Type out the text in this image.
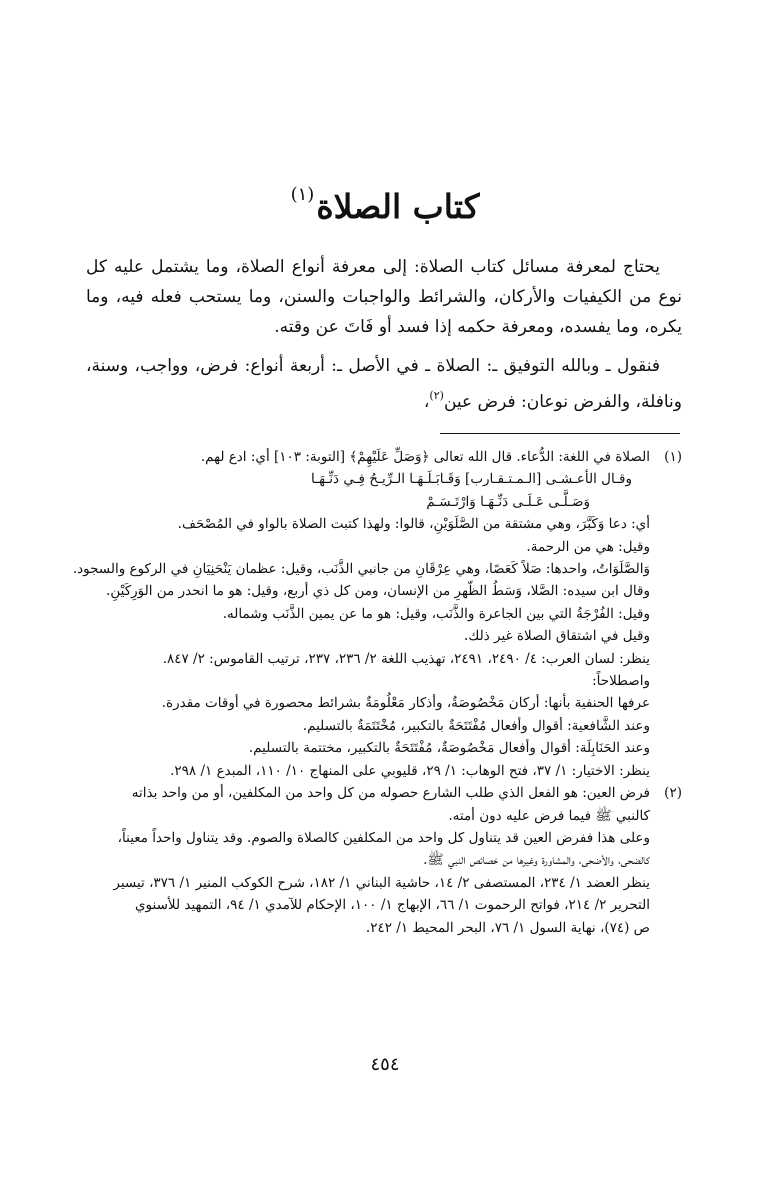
كتاب الصلاة$^{(١)}$

يحتاج لمعرفة مسائل كتاب الصلاة: إلى معرفة أنواع الصلاة، وما يشتمل عليه كل نوع من الكيفيات والأركان، والشرائط والواجبات والسنن، وما يستحب فعله فيه، وما يكره، وما يفسده، ومعرفة حكمه إذا فسد أو فَاتَ عن وقته.

فنقول ـ وبالله التوفيق ـ: الصلاة ـ في الأصل ـ: أربعة أنواع: فرض، وواجب، وسنة، ونافلة، والفرض نوعان: فرض عين$^{(٢)}$،

(١)

الصلاة في اللغة: الدُّعاء. قال الله تعالى ﴿وَصَلِّ عَلَيْهِمْ﴾ [التوبة: ١٠٣] أي: ادع لهم.

وقـال الأعـشـى [الـمـتـقـارب] وَقَـابَـلَـهَـا الـرِّيـحُ فِـي دَنِّـهَـا

وَصَـلَّـى عَـلَـى دَنِّـهَـا وَارْتَـسَـمْ

أي: دعا وَكَبَّرَ، وهي مشتقة من الصَّلَوَيْنِ، قالوا: ولهذا كتبت الصلاة بالواو في المُصْحَف.

وقيل: هي من الرحمة.

وَالصَّلَوَاتُ، واحدها: صَلاً كَعَصًا، وهي عِرْقَانِ من جانبي الذَّنَب، وقيل: عظمان يَنْحَنِيَانِ في الركوع والسجود.

وقال ابن سيده: الصَّلا، وَسَطُ الظَّهرِ من الإنسان، ومن كل ذي أربع، وقيل: هو ما انحدر من الوَرِكَيْنِ.

وقيل: الفُرْجَةُ التي بين الجاعرة والذَّنَب، وقيل: هو ما عن يمين الذَّنَب وشماله.

وقيل في اشتقاق الصلاة غير ذلك.

ينظر: لسان العرب: ٤/ ٢٤٩٠، ٢٤٩١، تهذيب اللغة ٢/ ٢٣٦، ٢٣٧، ترتيب القاموس: ٢/ ٨٤٧.

واصطلاحاً:

عرفها الحنفية بأنها: أركان مَخْصُوصَةٌ، وأذكار مَعْلُومَةٌ بشرائط محصورة في أوقات مقدرة.

وعند الشَّافعية: أقوال وأفعال مُفْتَتَحَةٌ بالتكبير، مُخْتَتَمَةٌ بالتسليم.

وعند الحَنَابِلَة: أقوال وأفعال مَخْصُوصَةٌ، مُفْتَتَحَةٌ بالتكبير، مختتمة بالتسليم.

ينظر: الاختيار: ١/ ٣٧، فتح الوهاب: ١/ ٢٩، قليوبي على المنهاج ١٠/ ١١٠، المبدع ١/ ٢٩٨.

(٢)

فرض العين: هو الفعل الذي طلب الشارع حصوله من كل واحد من المكلفين، أو من واحد بذاته

كالنبي ﷺ فيما فرض عليه دون أمته.

وعلى هذا ففرض العين قد يتناول كل واحد من المكلفين كالصلاة والصوم. وقد يتناول واحداً معيناً،

كالضحى، والأضحى، والمشاورة وغيرها من خصائص النبي ﷺ.

ينظر العضد ١/ ٢٣٤، المستصفى ٢/ ١٤، حاشية البناني ١/ ١٨٢، شرح الكوكب المنير ١/ ٣٧٦، تيسير

التحرير ٢/ ٢١٤، فواتح الرحموت ١/ ٦٦، الإبهاج ١/ ١٠٠، الإحكام للآمدي ١/ ٩٤، التمهيد للأسنوي

ص (٧٤)، نهاية السول ١/ ٧٦، البحر المحيط ١/ ٢٤٢.

٤٥٤
